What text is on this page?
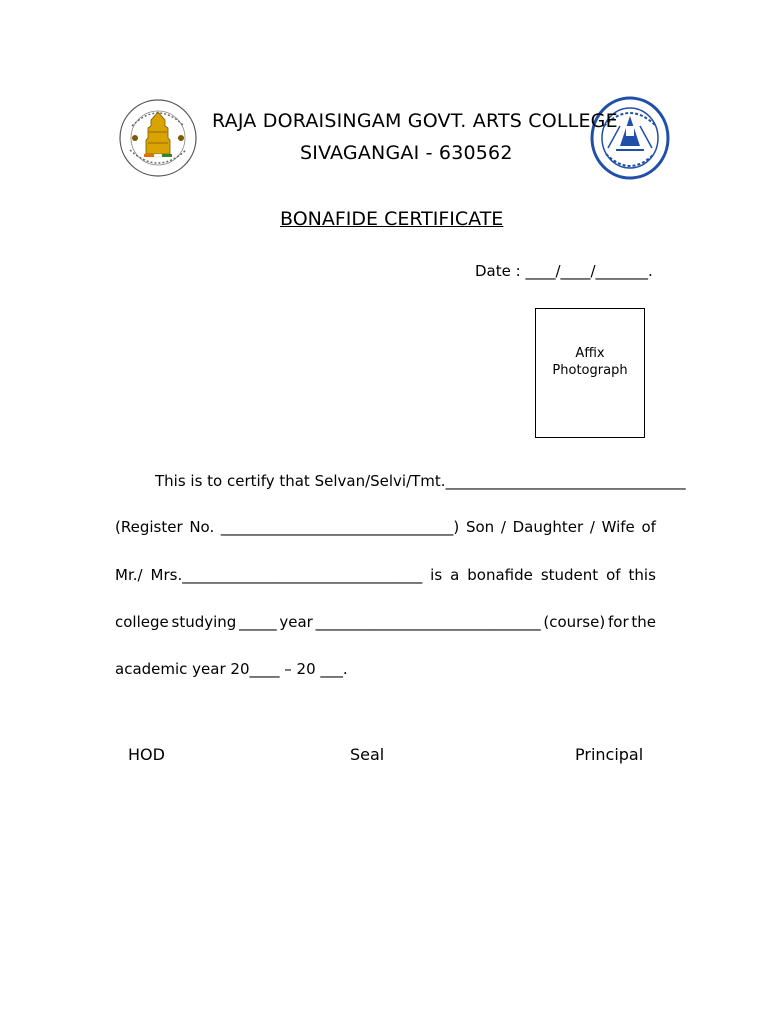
RAJA DORAISINGAM GOVT. ARTS COLLEGE
SIVAGANGAI - 630562
BONAFIDE CERTIFICATE
Date : ____/____/_______.
Affix
Photograph
This is to certify that Selvan/Selvi/Tmt.________________________________
(Register No. _______________________________) Son / Daughter / Wife of
Mr./ Mrs.________________________________ is a bonafide student of this
college studying _____ year ______________________________ (course) for the
academic year 20____ – 20 ___.
HOD	Seal	Principal
